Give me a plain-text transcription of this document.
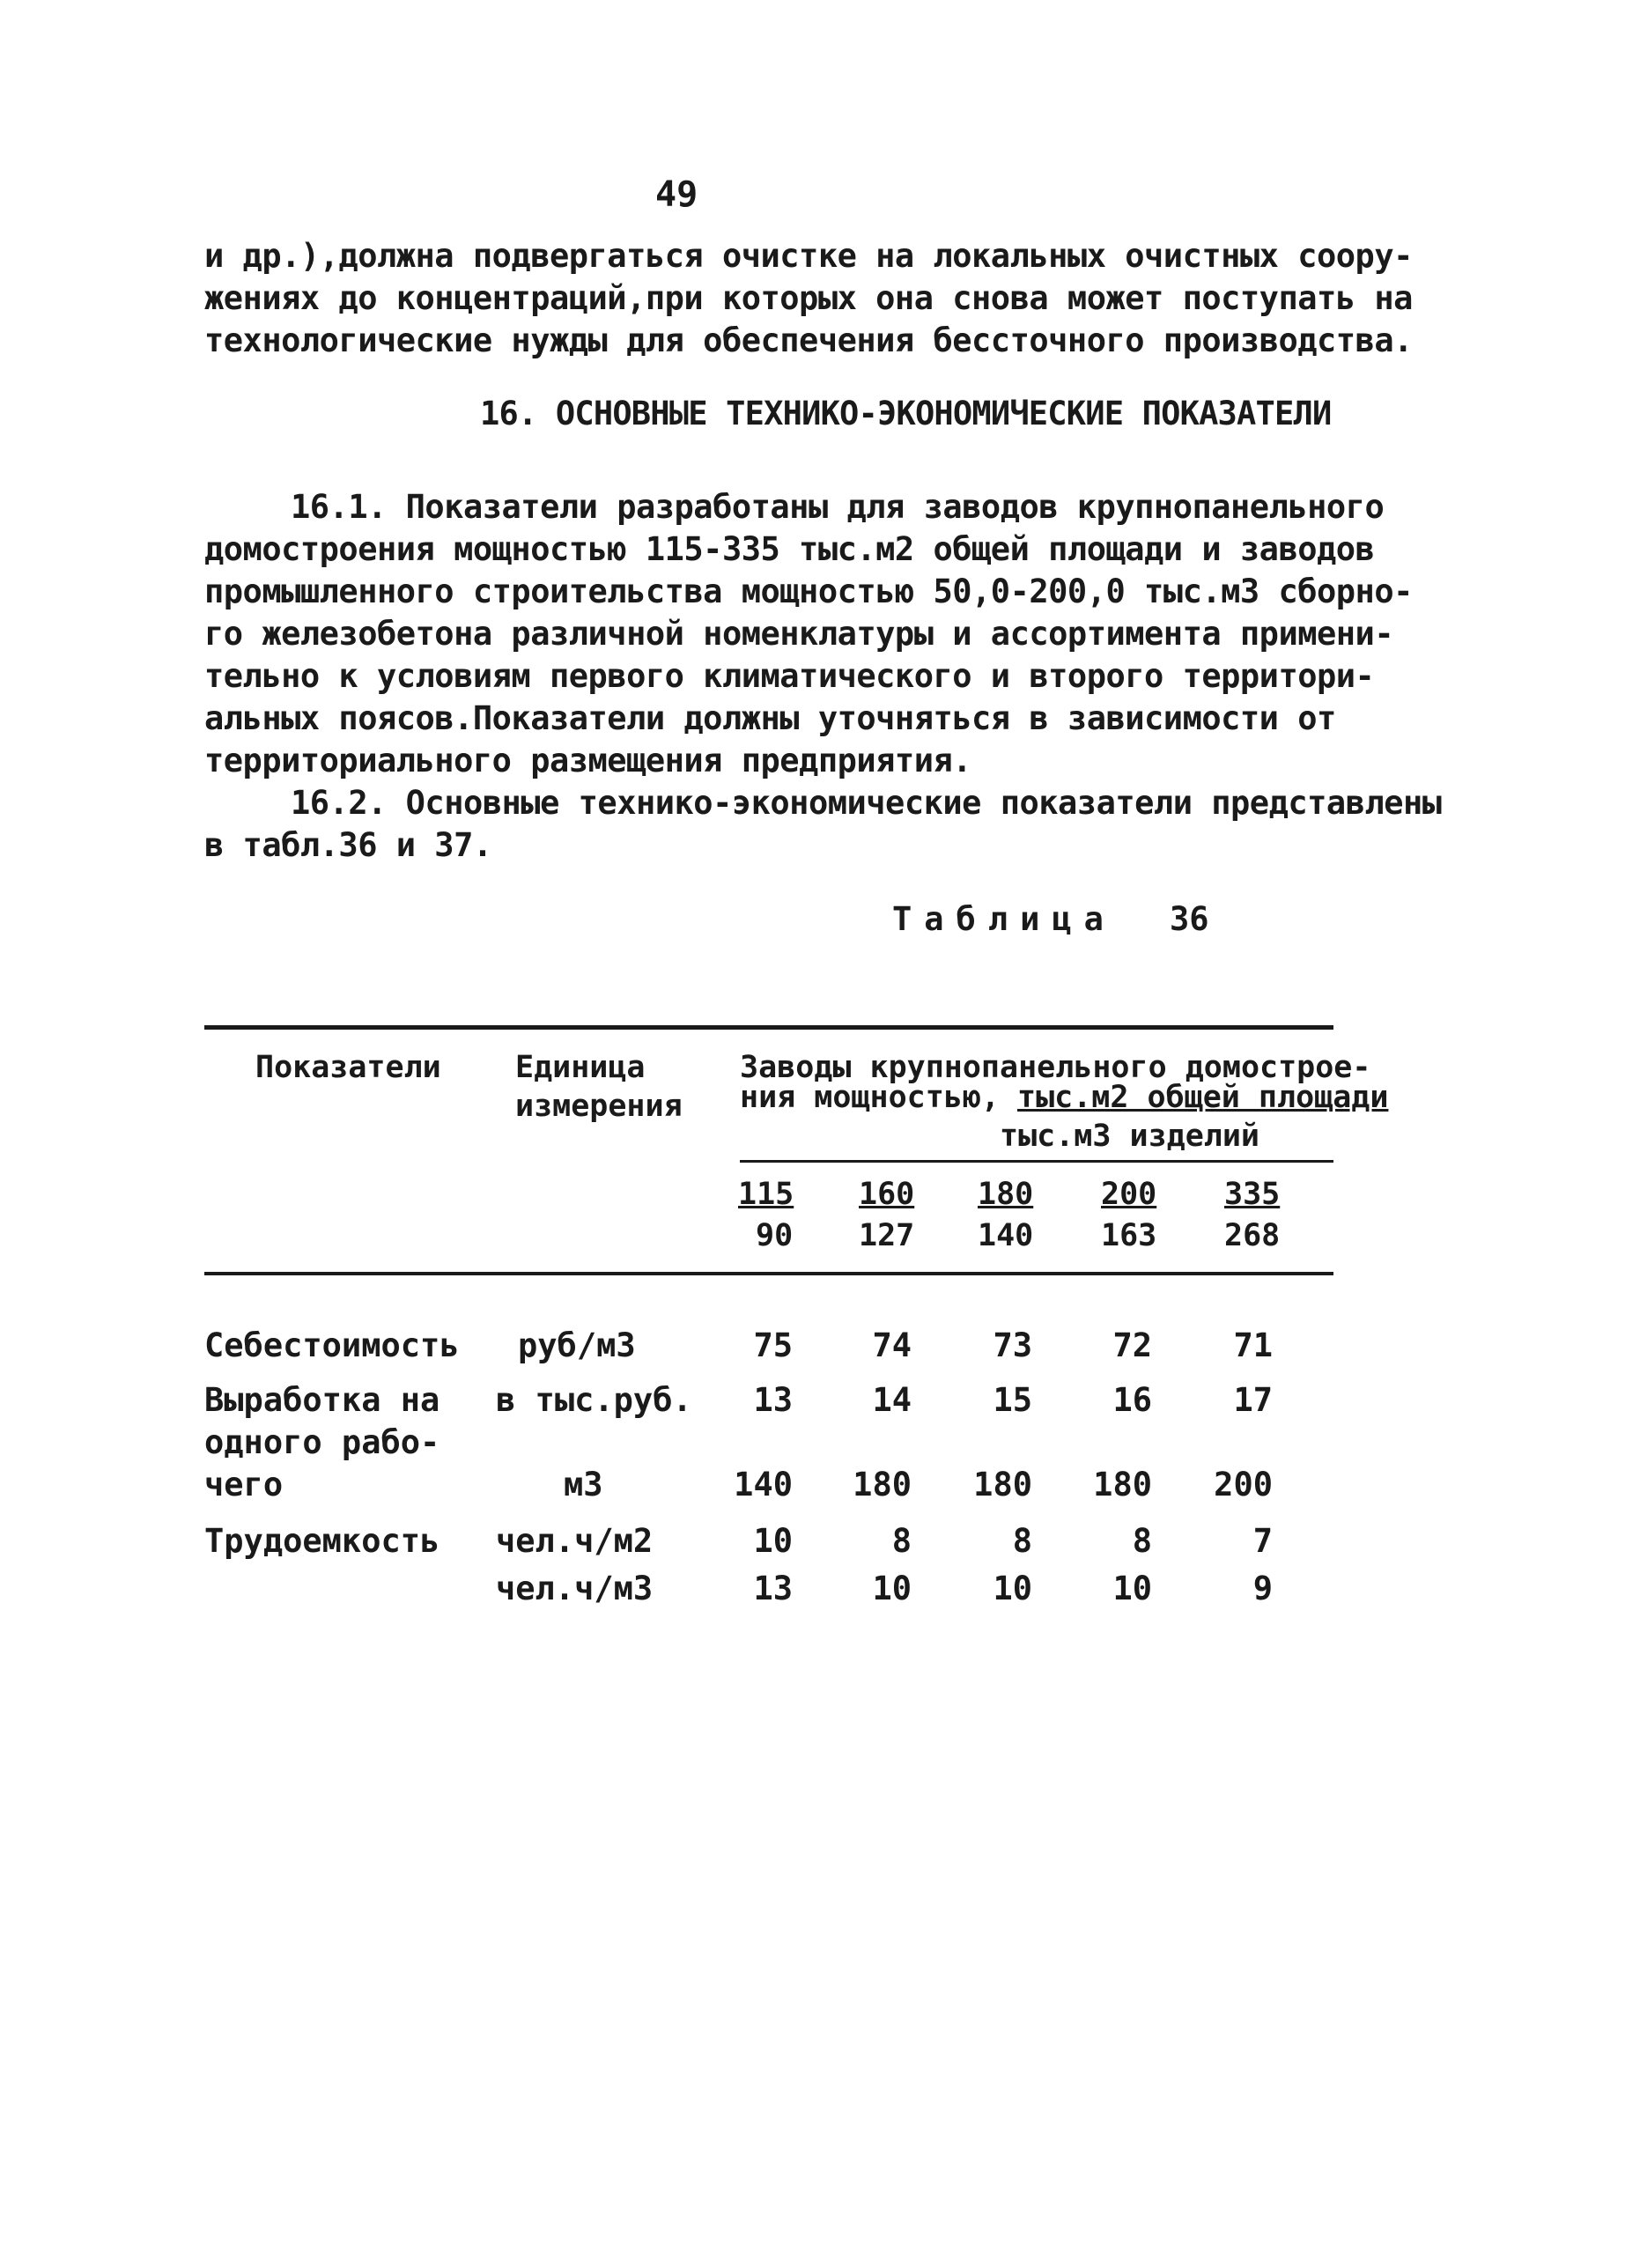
49
и др.),должна подвергаться очистке на локальных очистных соору-
жениях до концентраций,при которых она снова может поступать на
технологические нужды для обеспечения бессточного производства.
16. ОСНОВНЫЕ ТЕХНИКО-ЭКОНОМИЧЕСКИЕ ПОКАЗАТЕЛИ
16.1. Показатели разработаны для заводов крупнопанельного
домостроения мощностью 115-335 тыс.м2 общей площади и заводов
промышленного строительства мощностью 50,0-200,0 тыс.м3 сборно-
го железобетона различной номенклатуры и ассортимента примени-
тельно к условиям первого климатического и второго территори-
альных поясов.Показатели должны уточняться в зависимости от
территориального размещения предприятия.
16.2. Основные технико-экономические показатели представлены
в табл.36 и 37.
Таблица 36
Показатели Единица
измерения
Заводы крупнопанельного домострое-
ния мощностью, тыс.м2 общей площади
тыс.м3 изделий
115 160 180 200 335
90 127 140 163 268
Себестоимость руб/м3	75	74	73	72	71
Выработка на
одного рабо-
в тыс.руб.	13	14	15	16	17
чего	м3	140	180	180	180	200
Трудоемкость чел.ч/м2	10	8	8	8	7
чел.ч/м3	13	10	10	10	9
